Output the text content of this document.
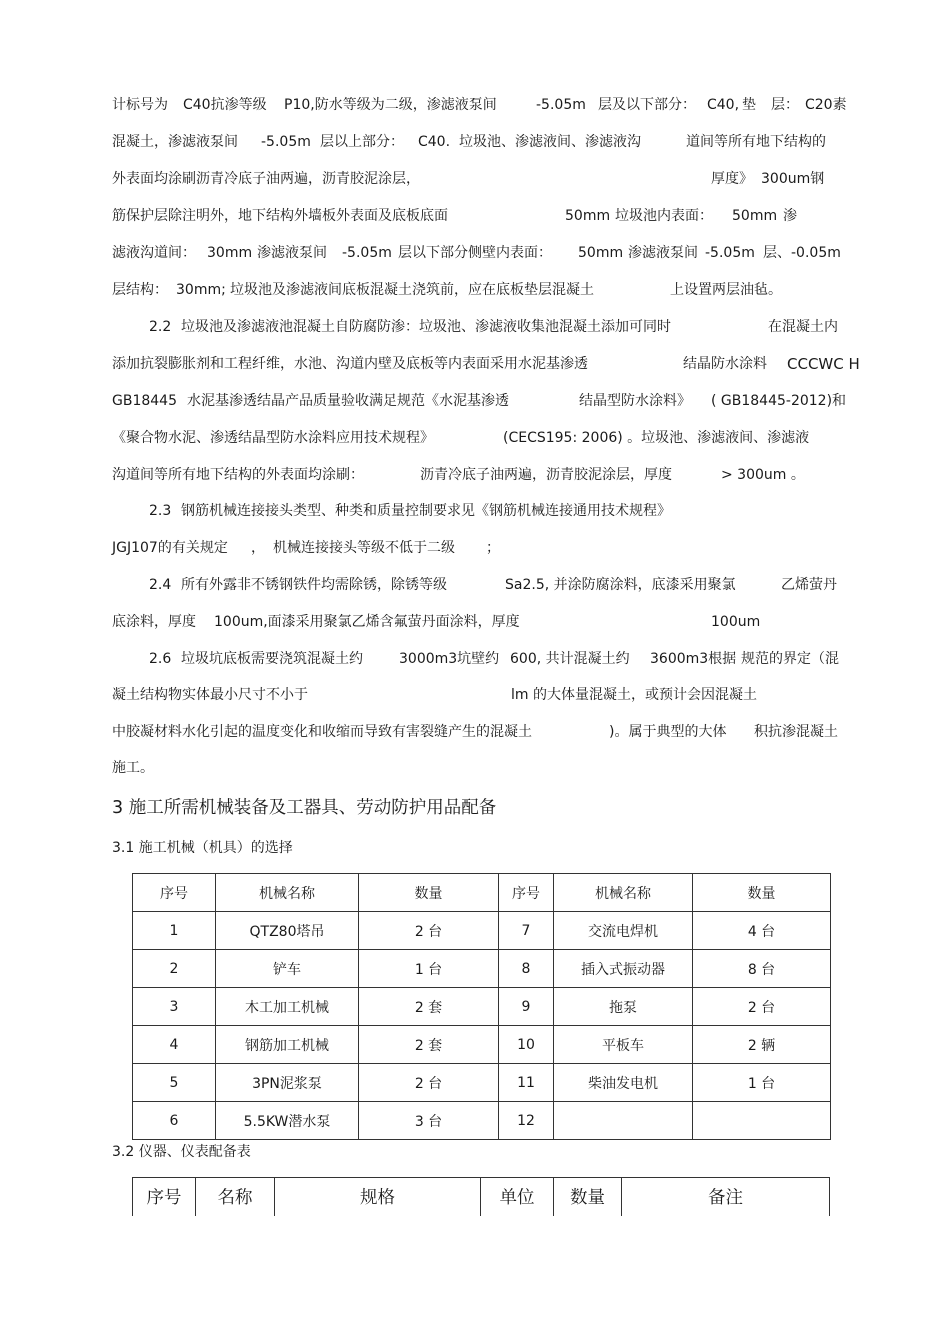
计标号为 C40抗渗等级 P10,防水等级为二级，渗滤液泵间	-5.05m 层及以下部分： C40, 垫 层： C20素
混凝土，渗滤液泵间 -5.05m 层以上部分： C40. 垃圾池、渗滤液间、渗滤液沟	道间等所有地下结构的
外表面均涂刷沥青冷底子油两遍，沥青胶泥涂层，	厚度》 300um钢
筋保护层除注明外，地下结构外墙板外表面及底板底面	50mm 垃圾池内表面： 50mm 渗
滤液沟道间： 30mm 渗滤液泵间 -5.05m 层以下部分侧壁内表面： 50mm 渗滤液泵间 -5.05m 层、-0.05m
层结构： 30mm; 垃圾池及渗滤液间底板混凝土浇筑前，应在底板垫层混凝土	上设置两层油毡。
2.2 垃圾池及渗滤液池混凝土自防腐防渗：垃圾池、渗滤液收集池混凝土添加可同时	在混凝土内
添加抗裂膨胀剂和工程纤维，水池、沟道内壁及底板等内表面采用水泥基渗透	结晶防水涂料 CCCWC H
GB18445 水泥基渗透结晶产品质量验收满足规范《水泥基渗透	结晶型防水涂料》 ( GB18445-2012)和
《聚合物水泥、渗透结晶型防水涂料应用技术规程》	(CECS195: 2006) 。垃圾池、渗滤液间、渗滤液
沟道间等所有地下结构的外表面均涂刷：	沥青冷底子油两遍，沥青胶泥涂层，厚度	> 300um 。
2.3 钢筋机械连接接头类型、种类和质量控制要求见《钢筋机械连接通用技术规程》
JGJ107的有关规定 ， 机械连接接头等级不低于二级 ；
2.4 所有外露非不锈钢铁件均需除锈，除锈等级	Sa2.5, 并涂防腐涂料，底漆采用聚氯	乙烯萤丹
底涂料，厚度 100um,面漆采用聚氯乙烯含氟萤丹面涂料，厚度	100um
2.6 垃圾坑底板需要浇筑混凝土约	3000m3坑壁约 600, 共计混凝土约 3600m3根据 规范的界定（混
凝土结构物实体最小尺寸不小于	lm 的大体量混凝土，或预计会因混凝土
中胶凝材料水化引起的温度变化和收缩而导致有害裂缝产生的混凝土	)。属于典型的大体 积抗渗混凝土
施工。
3 施工所需机械装备及工器具、劳动防护用品配备
3.1 施工机械（机具）的选择
序号	机械名称	数量	序号	机械名称	数量
1	QTZ80塔吊	2 台	7	交流电焊机	4 台
2	铲车	1 台	8	插入式振动器	8 台
3	木工加工机械	2 套	9	拖泵	2 台
4	钢筋加工机械	2 套	10	平板车	2 辆
5	3PN泥浆泵	2 台	11	柴油发电机	1 台
6	5.5KW潜水泵	3 台	12		
3.2 仪器、仪表配备表
序号	名称	规格	单位	数量	备注
